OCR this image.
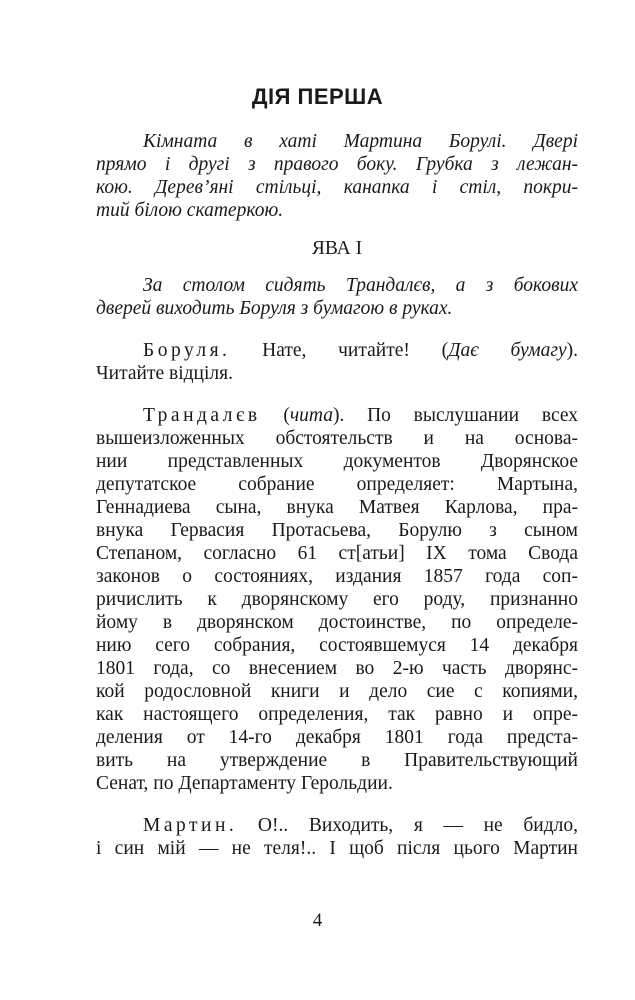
ДІЯ ПЕРША
Кімната в хаті Мартина Борулі. Двері
прямо і другі з правого боку. Грубка з лежан-
кою. Дерев’яні стільці, канапка і стіл, покри-
тий білою скатеркою.
ЯВА І
За столом сидять Трандалєв, а з бокових
дверей виходить Боруля з бумагою в руках.
Боруля. Нате, читайте! (Дає бумагу).
Читайте відціля.
Трандалєв (чита). По выслушании всех
вышеизложенных обстоятельств и на основа-
нии представленных документов Дворянское
депутатское собрание определяет: Мартына,
Геннадиева сына, внука Матвея Карлова, пра-
внука Гервасия Протасьева, Борулю з сыном
Степаном, согласно 61 ст[атьи] IX тома Свода
законов о состояниях, издания 1857 года соп-
ричислить к дворянскому его роду, признанно
йому в дворянском достоинстве, по определе-
нию сего собрания, состоявшемуся 14 декабря
1801 года, со внесением во 2-ю часть дворянс-
кой родословной книги и дело сие с копиями,
как настоящего определения, так равно и опре-
деления от 14-го декабря 1801 года предста-
вить на утверждение в Правительствующий
Сенат, по Департаменту Герольдии.
Мартин. О!.. Виходить, я — не бидло,
і син мій — не теля!.. І щоб після цього Мартин
4
